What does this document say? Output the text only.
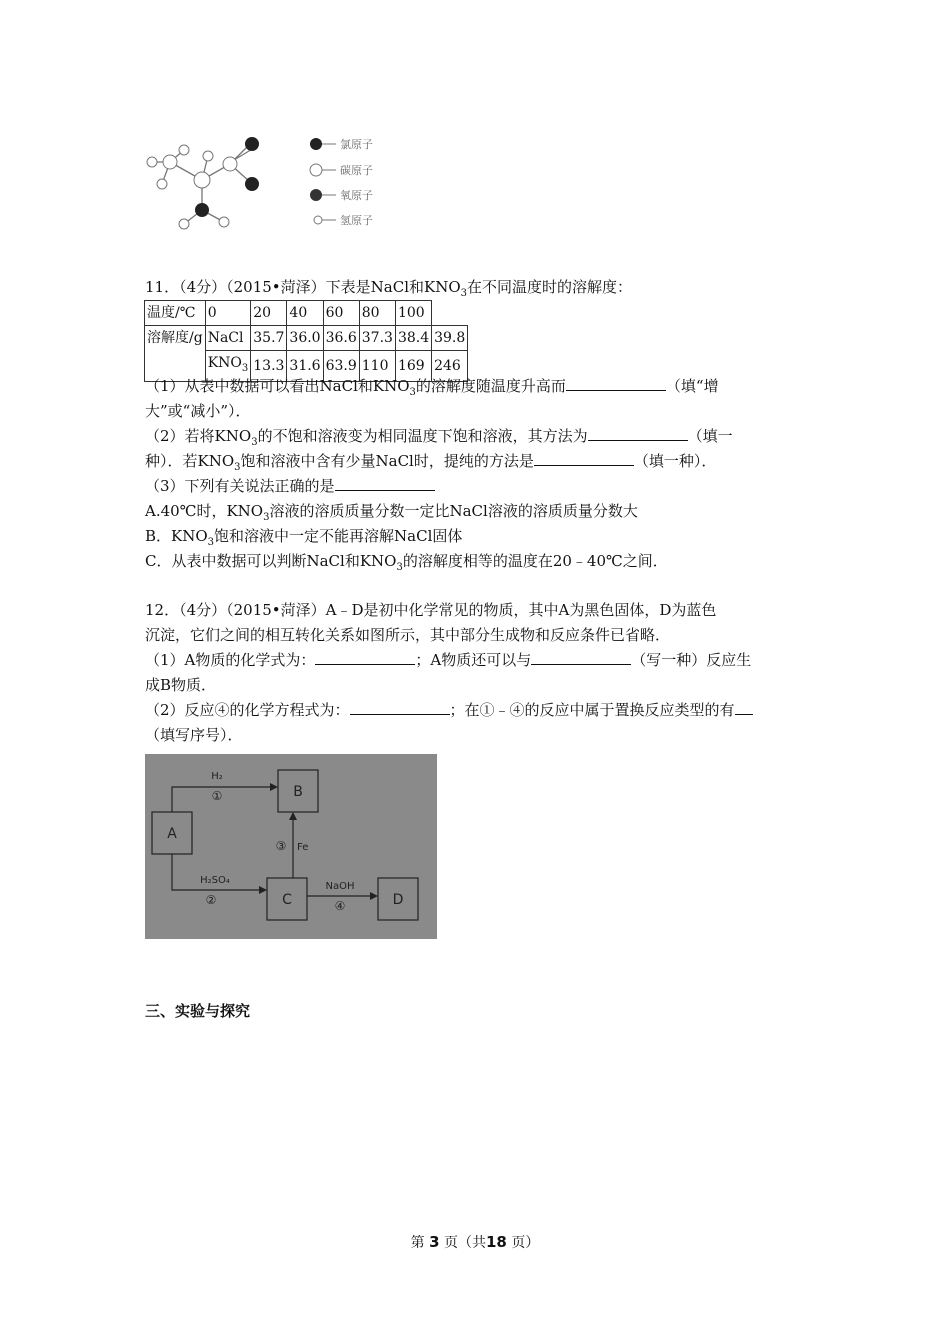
氯原子
碳原子
氧原子
氢原子
11．（4分）（2015•菏泽）下表是NaCl和$KNO_3$在不同温度时的溶解度：
温度/℃	0	20	40	60	80	100	
溶解度/g	NaCl	35.7	36.0	36.6	37.3	38.4	39.8
	$KNO_3$	13.3	31.6	63.9	110	169	246
（1）从表中数据可以看出NaCl和$KNO_3$的溶解度随温度升高而	（填“增
大”或“减小”）．
（2）若将$KNO_3$的不饱和溶液变为相同温度下饱和溶液，其方法为	（填一
种）．若$KNO_3$饱和溶液中含有少量NaCl时，提纯的方法是	（填一种）．
（3）下列有关说法正确的是
A.40℃时，$KNO_3$溶液的溶质质量分数一定比NaCl溶液的溶质质量分数大
B．$KNO_3$饱和溶液中一定不能再溶解NaCl固体
C．从表中数据可以判断NaCl和$KNO_3$的溶解度相等的温度在20﹣40℃之间．
12．（4分）（2015•菏泽）A﹣D是初中化学常见的物质，其中A为黑色固体，D为蓝色
沉淀，它们之间的相互转化关系如图所示，其中部分生成物和反应条件已省略．
（1）A物质的化学式为：	；A物质还可以与	（写一种）反应生
成B物质．
（2）反应④的化学方程式为：	；在①﹣④的反应中属于置换反应类型的有
（填写序号）．
A
B
C	D
H₂
①
H₂SO₄
②
③ Fe
NaOH
④
三、实验与探究
第 3 页（共18 页）
